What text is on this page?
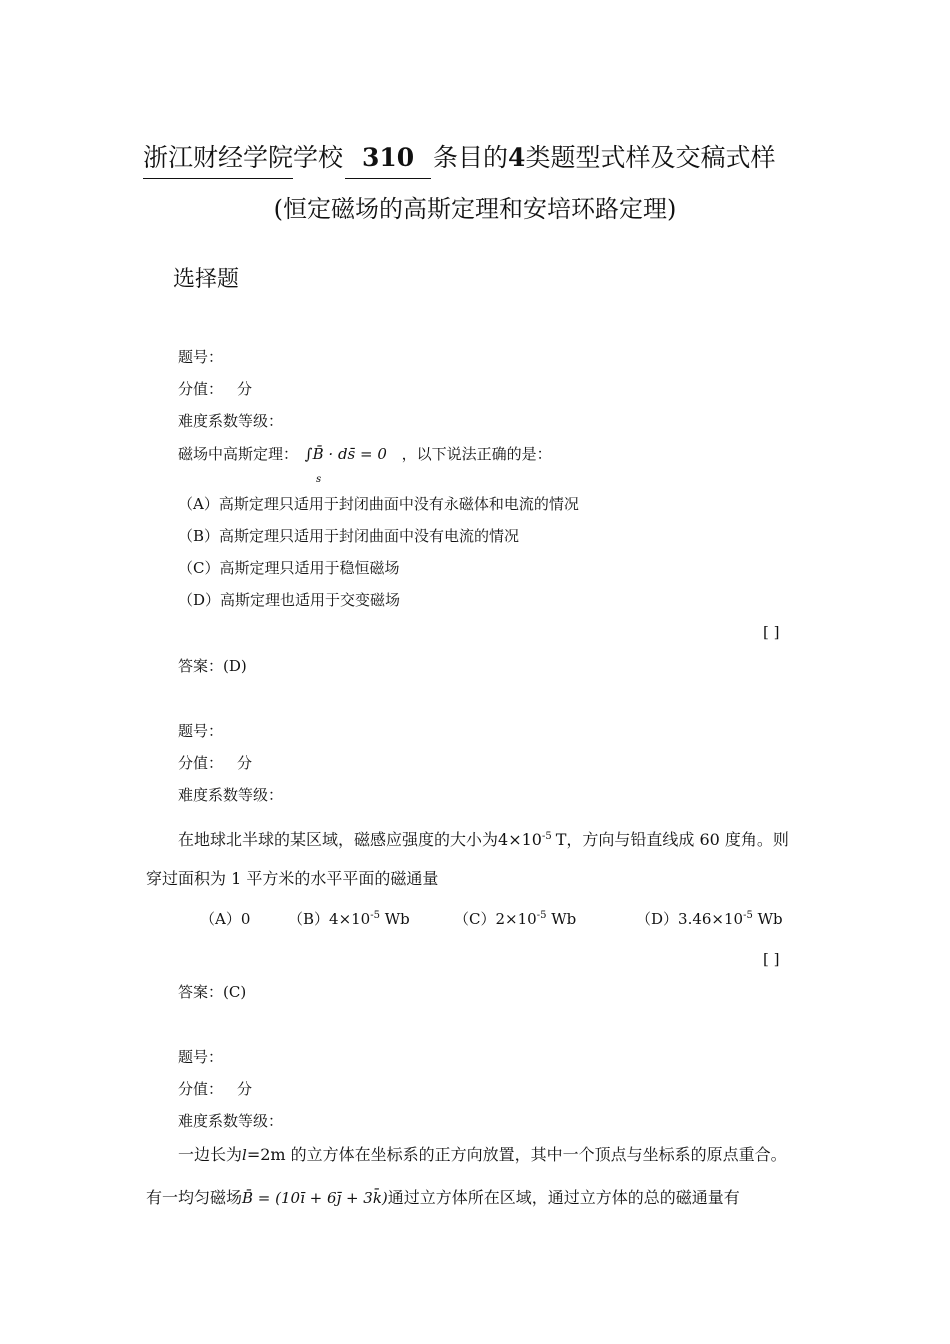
浙江财经学院学校 310 条目的4类题型式样及交稿式样
(恒定磁场的高斯定理和安培环路定理)
选择题
题号：
分值： 分
难度系数等级：
磁场中高斯定理： ∫B̄ · ds̄ = 0 ，以下说法正确的是：
s
（A）高斯定理只适用于封闭曲面中没有永磁体和电流的情况
（B）高斯定理只适用于封闭曲面中没有电流的情况
（C）高斯定理只适用于稳恒磁场
（D）高斯定理也适用于交变磁场
[ ]
答案：(D)
题号：
分值： 分
难度系数等级：
在地球北半球的某区域，磁感应强度的大小为$4\times 10^{-5}$ T，方向与铅直线成 60 度角。则
穿过面积为 1 平方米的水平平面的磁通量
（A）0	$(B)4\times 10^{-5}$ Wb	$(C)2\times 10^{-5}$ Wb	$(D)3.46\times 10^{-5}$ Wb
[ ]
答案：(C)
题号：
分值： 分
难度系数等级：
一边长为l=2m 的立方体在坐标系的正方向放置，其中一个顶点与坐标系的原点重合。
有一均匀磁场B̄ = (10ī + 6j̄ + 3k̄)通过立方体所在区域，通过立方体的总的磁通量有
